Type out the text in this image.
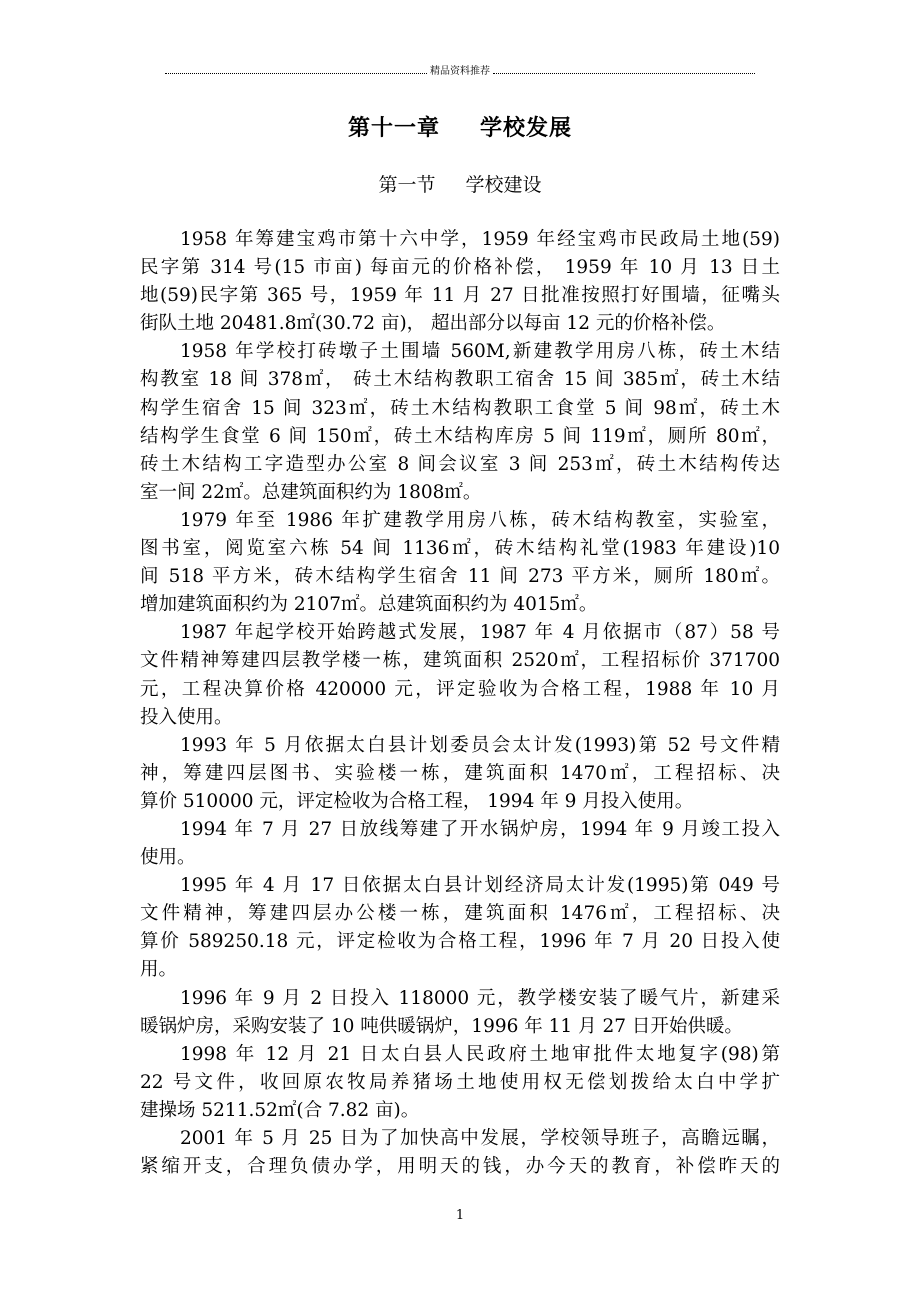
精品资料推荐
第十一章 学校发展
第一节 学校建设
1958 年筹建宝鸡市第十六中学，1959 年经宝鸡市民政局土地(59)
民字第 314 号(15 市亩) 每亩元的价格补偿， 1959 年 10 月 13 日土
地(59)民字第 365 号，1959 年 11 月 27 日批准按照打好围墙，征嘴头
街队土地 20481.8㎡(30.72 亩)， 超出部分以每亩 12 元的价格补偿。
1958 年学校打砖墩子土围墙 560M,新建教学用房八栋，砖土木结
构教室 18 间 378㎡， 砖土木结构教职工宿舍 15 间 385㎡，砖土木结
构学生宿舍 15 间 323㎡，砖土木结构教职工食堂 5 间 98㎡，砖土木
结构学生食堂 6 间 150㎡，砖土木结构库房 5 间 119㎡，厕所 80㎡，
砖土木结构工字造型办公室 8 间会议室 3 间 253㎡，砖土木结构传达
室一间 22㎡。总建筑面积约为 1808㎡。
1979 年至 1986 年扩建教学用房八栋，砖木结构教室，实验室，
图书室，阅览室六栋 54 间 1136㎡，砖木结构礼堂(1983 年建设)10
间 518 平方米，砖木结构学生宿舍 11 间 273 平方米，厕所 180㎡。
增加建筑面积约为 2107㎡。总建筑面积约为 4015㎡。
1987 年起学校开始跨越式发展，1987 年 4 月依据市（87）58 号
文件精神筹建四层教学楼一栋，建筑面积 2520㎡，工程招标价 371700
元，工程决算价格 420000 元，评定验收为合格工程，1988 年 10 月
投入使用。
1993 年 5 月依据太白县计划委员会太计发(1993)第 52 号文件精
神，筹建四层图书、实验楼一栋，建筑面积 1470㎡，工程招标、决
算价 510000 元，评定检收为合格工程， 1994 年 9 月投入使用。
1994 年 7 月 27 日放线筹建了开水锅炉房，1994 年 9 月竣工投入
使用。
1995 年 4 月 17 日依据太白县计划经济局太计发(1995)第 049 号
文件精神，筹建四层办公楼一栋，建筑面积 1476㎡，工程招标、决
算价 589250.18 元，评定检收为合格工程，1996 年 7 月 20 日投入使
用。
1996 年 9 月 2 日投入 118000 元，教学楼安装了暖气片，新建采
暖锅炉房，采购安装了 10 吨供暖锅炉，1996 年 11 月 27 日开始供暖。
1998 年 12 月 21 日太白县人民政府土地审批件太地复字(98)第
22 号文件，收回原农牧局养猪场土地使用权无偿划拨给太白中学扩
建操场 5211.52㎡(合 7.82 亩)。
2001 年 5 月 25 日为了加快高中发展，学校领导班子，高瞻远瞩，
紧缩开支，合理负债办学，用明天的钱，办今天的教育，补偿昨天的
1
